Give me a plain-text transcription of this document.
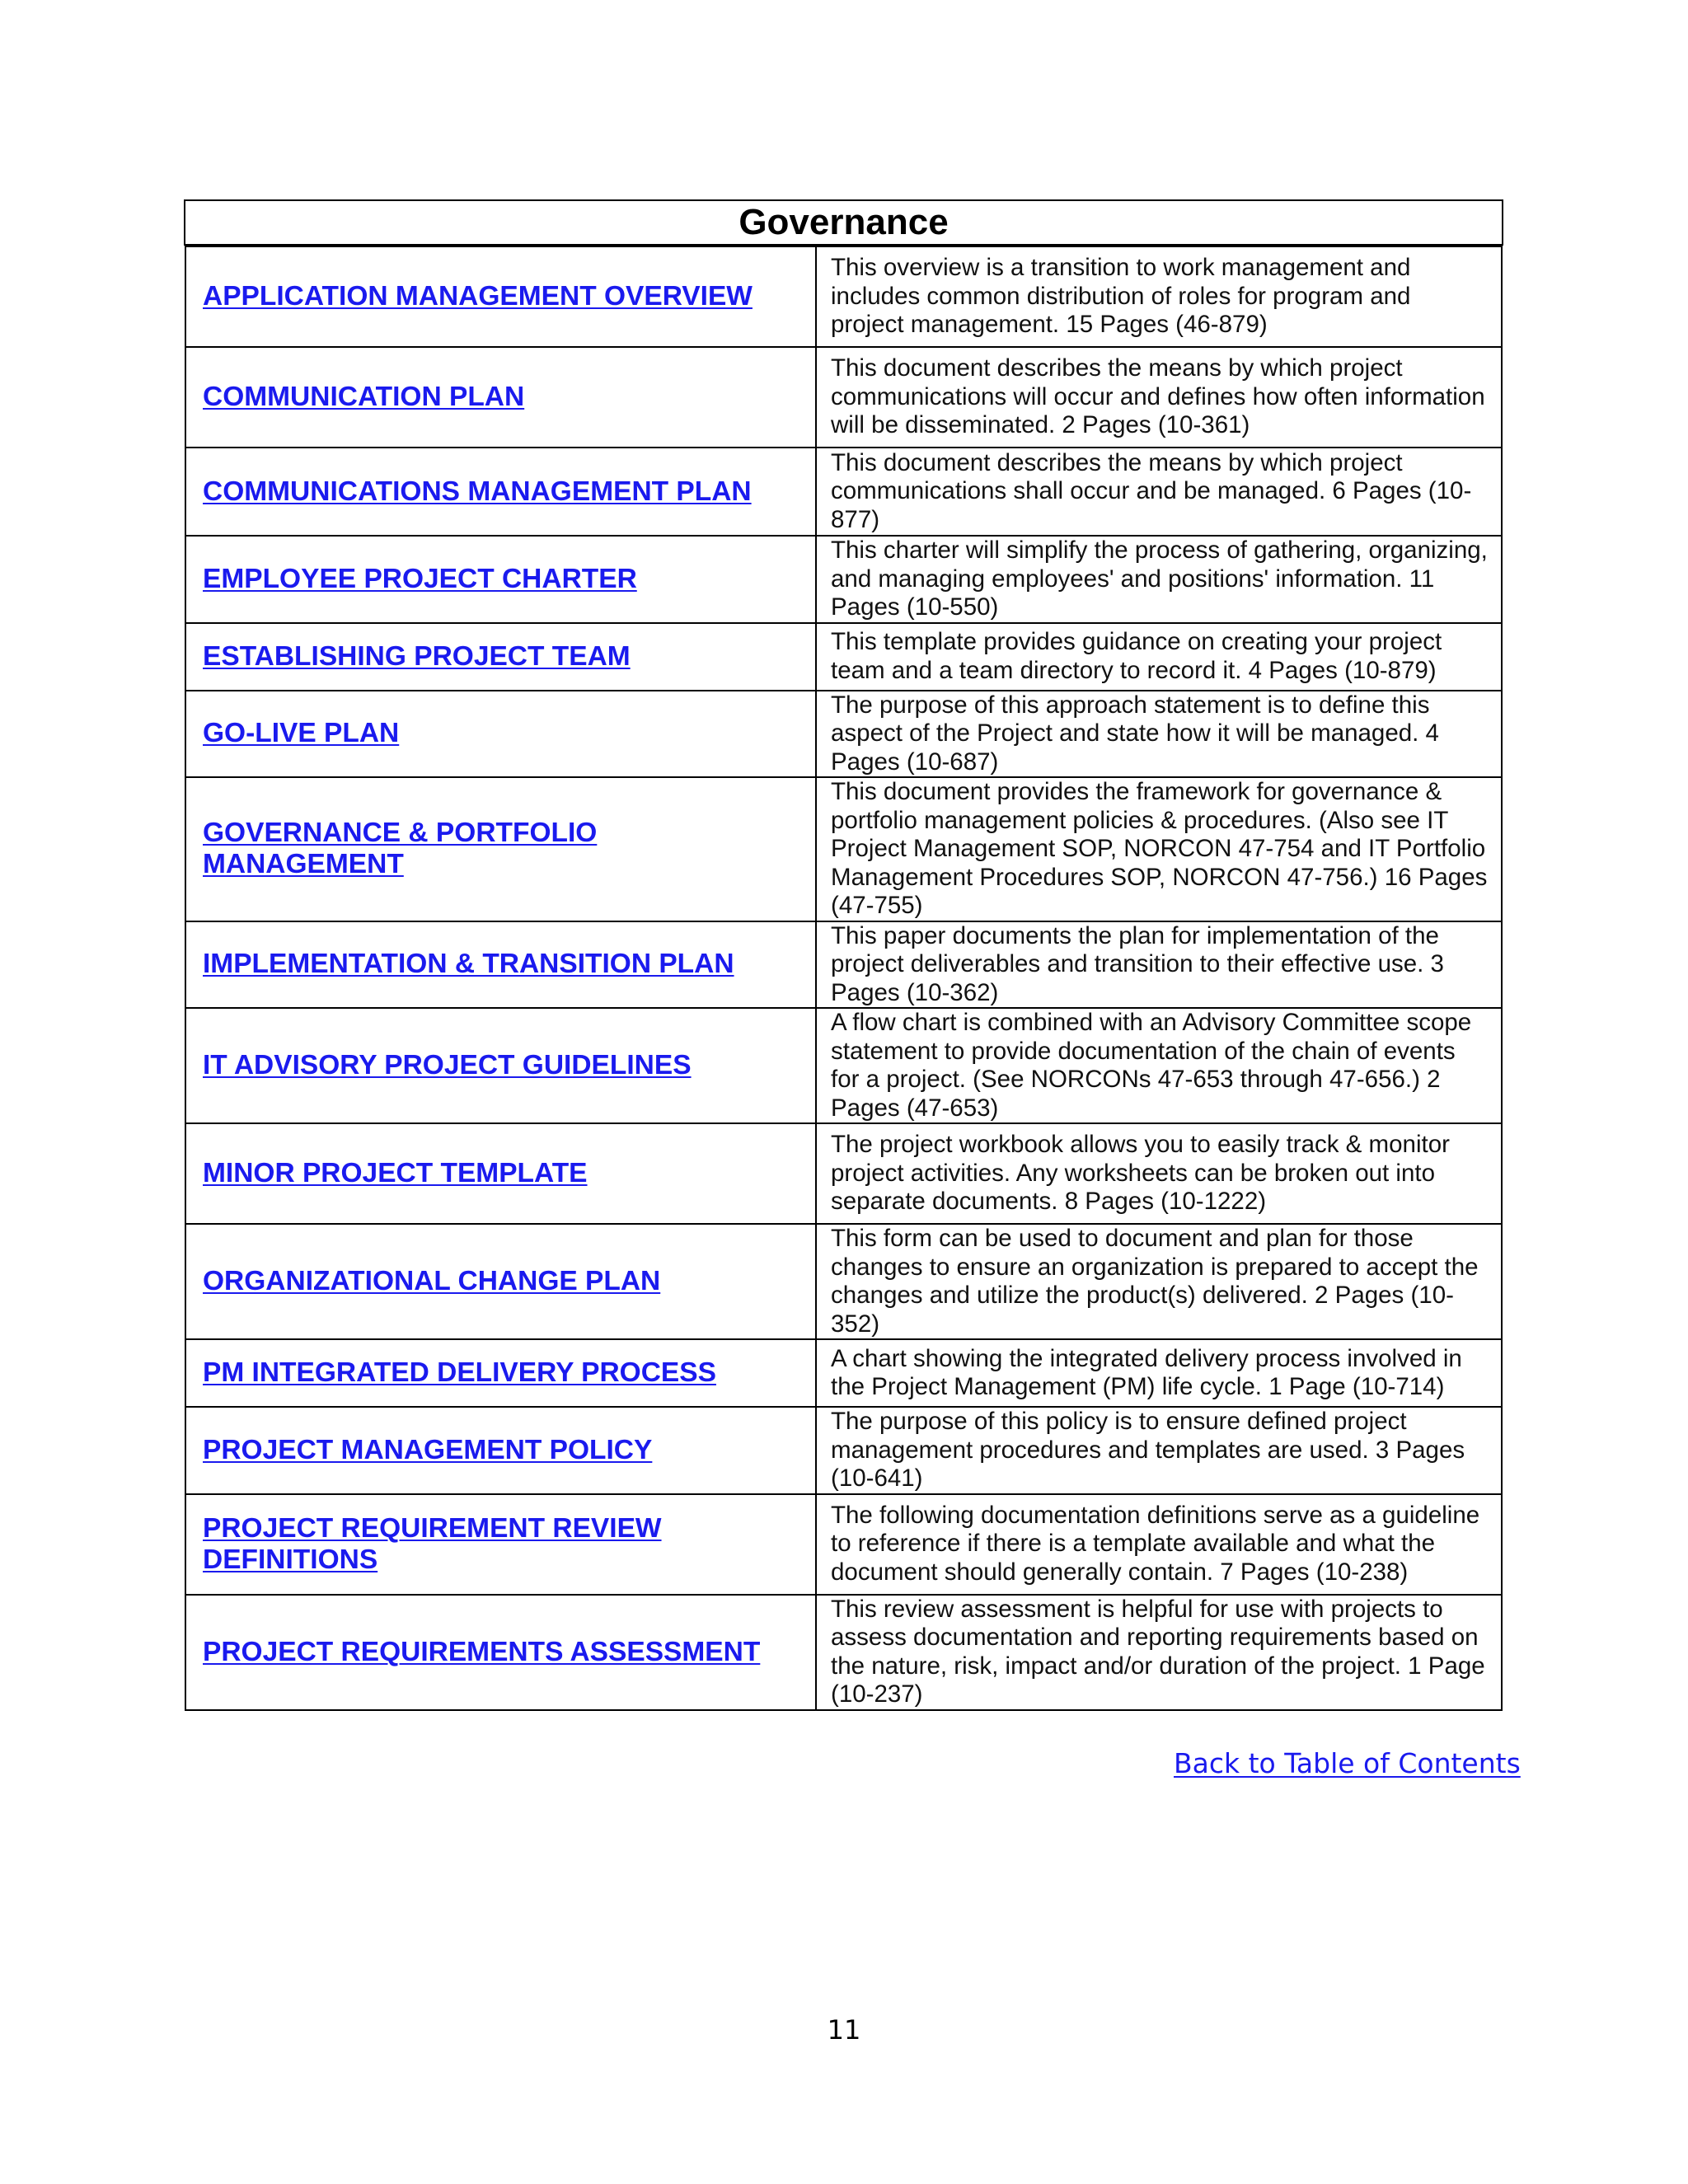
Governance
APPLICATION MANAGEMENT OVERVIEW	This overview is a transition to work management and includes common distribution of roles for program and project management. 15 Pages (46-879)

COMMUNICATION PLAN	This document describes the means by which project communications will occur and defines how often information will be disseminated. 2 Pages (10-361)

COMMUNICATIONS MANAGEMENT PLAN	This document describes the means by which project communications shall occur and be managed. 6 Pages (10-877)

EMPLOYEE PROJECT CHARTER	This charter will simplify the process of gathering, organizing, and managing employees' and positions' information. 11 Pages (10-550)

ESTABLISHING PROJECT TEAM	This template provides guidance on creating your project team and a team directory to record it. 4 Pages (10-879)

GO-LIVE PLAN	The purpose of this approach statement is to define this aspect of the Project and state how it will be managed. 4 Pages (10-687)

GOVERNANCE & PORTFOLIO MANAGEMENT	This document provides the framework for governance & portfolio management policies & procedures. (Also see IT Project Management SOP, NORCON 47-754 and IT Portfolio Management Procedures SOP, NORCON 47-756.) 16 Pages (47-755)

IMPLEMENTATION & TRANSITION PLAN	This paper documents the plan for implementation of the project deliverables and transition to their effective use. 3 Pages (10-362)

IT ADVISORY PROJECT GUIDELINES	A flow chart is combined with an Advisory Committee scope statement to provide documentation of the chain of events for a project. (See NORCONs 47-653 through 47-656.) 2 Pages (47-653)

MINOR PROJECT TEMPLATE	The project workbook allows you to easily track & monitor project activities. Any worksheets can be broken out into separate documents. 8 Pages (10-1222)

ORGANIZATIONAL CHANGE PLAN	This form can be used to document and plan for those changes to ensure an organization is prepared to accept the changes and utilize the product(s) delivered. 2 Pages (10-352)

PM INTEGRATED DELIVERY PROCESS	A chart showing the integrated delivery process involved in the Project Management (PM) life cycle. 1 Page (10-714)

PROJECT MANAGEMENT POLICY	The purpose of this policy is to ensure defined project management procedures and templates are used. 3 Pages (10-641)

PROJECT REQUIREMENT REVIEW DEFINITIONS	The following documentation definitions serve as a guideline to reference if there is a template available and what the document should generally contain. 7 Pages (10-238)

PROJECT REQUIREMENTS ASSESSMENT	This review assessment is helpful for use with projects to assess documentation and reporting requirements based on the nature, risk, impact and/or duration of the project. 1 Page (10-237)
Back to Table of Contents
11
